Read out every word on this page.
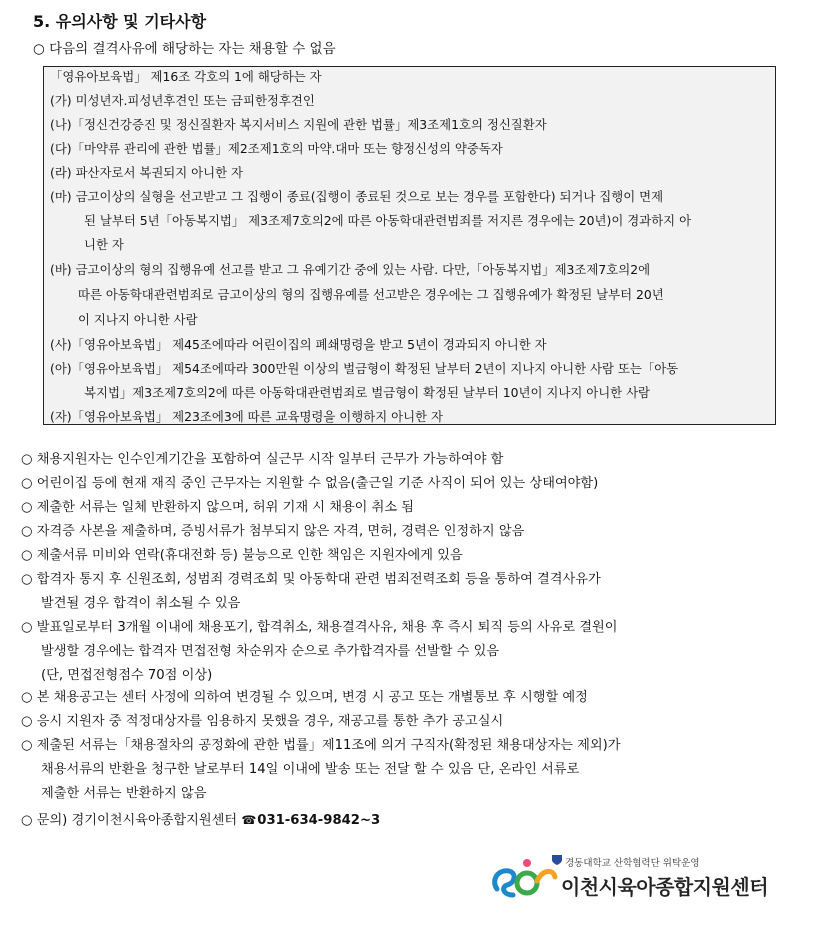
5. 유의사항 및 기타사항
○ 다음의 결격사유에 해당하는 자는 채용할 수 없음
「영유아보육법」 제16조 각호의 1에 해당하는 자
(가) 미성년자.피성년후견인 또는 금피한정후견인
(나)「정신건강증진 및 정신질환자 복지서비스 지원에 관한 법률」제3조제1호의 정신질환자
(다)「마약류 관리에 관한 법률」제2조제1호의 마약.대마 또는 향정신성의 약중독자
(라) 파산자로서 복권되지 아니한 자
(마) 금고이상의 실형을 선고받고 그 집행이 종료(집행이 종료된 것으로 보는 경우를 포함한다) 되거나 집행이 면제
된 날부터 5년「아동복지법」 제3조제7호의2에 따른 아동학대관련범죄를 저지른 경우에는 20년)이 경과하지 아
니한 자
(바) 금고이상의 형의 집행유예 선고를 받고 그 유예기간 중에 있는 사람. 다만,「아동복지법」제3조제7호의2에
따른 아동학대관련범죄로 금고이상의 형의 집행유예를 선고받은 경우에는 그 집행유예가 확정된 날부터 20년
이 지나지 아니한 사람
(사)「영유아보육법」 제45조에따라 어린이집의 폐쇄명령을 받고 5년이 경과되지 아니한 자
(아)「영유아보육법」 제54조에따라 300만원 이상의 벌금형이 확정된 날부터 2년이 지나지 아니한 사람 또는「아동
복지법」제3조제7호의2에 따른 아동학대관련범죄로 벌금형이 확정된 날부터 10년이 지나지 아니한 사람
(자)「영유아보육법」 제23조에3에 따른 교육명령을 이행하지 아니한 자
○ 채용지원자는 인수인계기간을 포함하여 실근무 시작 일부터 근무가 가능하여야 함
○ 어린이집 등에 현재 재직 중인 근무자는 지원할 수 없음(출근일 기준 사직이 되어 있는 상태여야함)
○ 제출한 서류는 일체 반환하지 않으며, 허위 기재 시 채용이 취소 됨
○ 자격증 사본을 제출하며, 증빙서류가 첨부되지 않은 자격, 면허, 경력은 인정하지 않음
○ 제출서류 미비와 연락(휴대전화 등) 불능으로 인한 책임은 지원자에게 있음
○ 합격자 통지 후 신원조회, 성범죄 경력조회 및 아동학대 관련 범죄전력조회 등을 통하여 결격사유가
발견될 경우 합격이 취소될 수 있음
○ 발표일로부터 3개월 이내에 채용포기, 합격취소, 채용결격사유, 채용 후 즉시 퇴직 등의 사유로 결원이
발생할 경우에는 합격자 면접전형 차순위자 순으로 추가합격자를 선발할 수 있음
(단, 면접전형점수 70점 이상)
○ 본 채용공고는 센터 사정에 의하여 변경될 수 있으며, 변경 시 공고 또는 개별통보 후 시행할 예정
○ 응시 지원자 중 적정대상자를 임용하지 못했을 경우, 재공고를 통한 추가 공고실시
○ 제출된 서류는「채용절차의 공정화에 관한 법률」제11조에 의거 구직자(확정된 채용대상자는 제외)가
채용서류의 반환을 청구한 날로부터 14일 이내에 발송 또는 전달 할 수 있음 단, 온라인 서류로
제출한 서류는 반환하지 않음
○ 문의) 경기이천시육아종합지원센터 ☎031-634-9842~3
경동대학교 산학협력단 위탁운영
이천시육아종합지원센터
